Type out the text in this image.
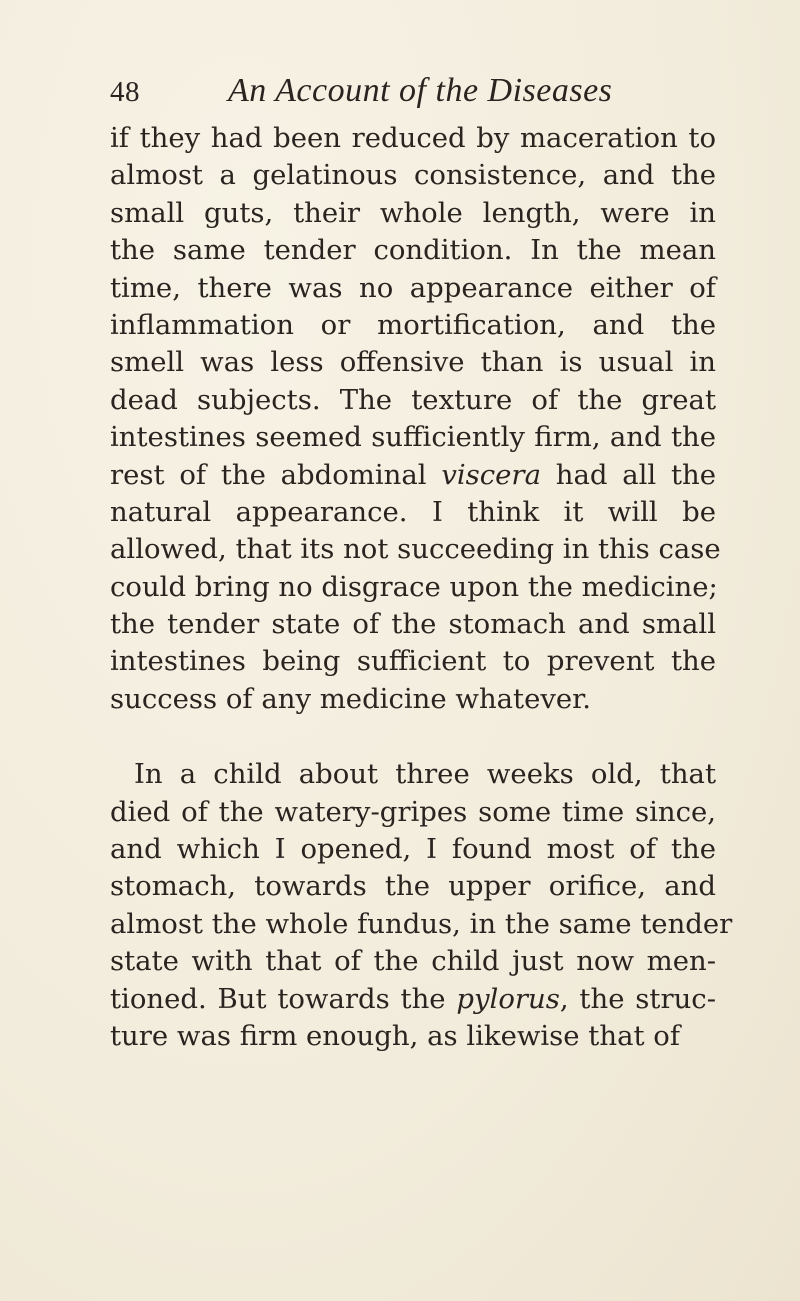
48	An Account of the Diseases
if they had been reduced by maceration to
almost a gelatinous consistence, and the
small guts, their whole length, were in
the same tender condition. In the mean
time, there was no appearance either of
inflammation or mortification, and the
smell was less offensive than is usual in
dead subjects. The texture of the great
intestines seemed sufficiently firm, and the
rest of the abdominal viscera had all the
natural appearance. I think it will be
allowed, that its not succeeding in this case
could bring no disgrace upon the medicine;
the tender state of the stomach and small
intestines being sufficient to prevent the
success of any medicine whatever.
In a child about three weeks old, that
died of the watery-gripes some time since,
and which I opened, I found most of the
stomach, towards the upper orifice, and
almost the whole fundus, in the same tender
state with that of the child just now men-
tioned. But towards the pylorus, the struc-
ture was firm enough, as likewise that of
